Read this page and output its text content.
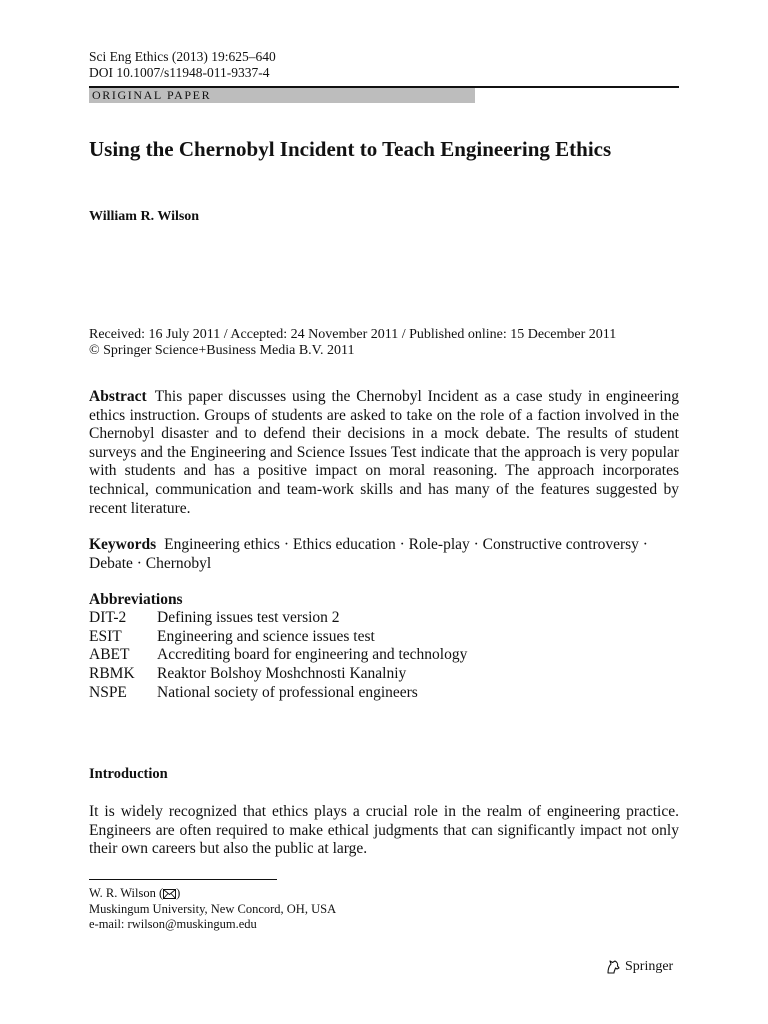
Sci Eng Ethics (2013) 19:625–640
DOI 10.1007/s11948-011-9337-4
ORIGINAL PAPER
Using the Chernobyl Incident to Teach Engineering Ethics
William R. Wilson
Received: 16 July 2011 / Accepted: 24 November 2011 / Published online: 15 December 2011
© Springer Science+Business Media B.V. 2011
Abstract This paper discusses using the Chernobyl Incident as a case study in engineering ethics instruction. Groups of students are asked to take on the role of a faction involved in the Chernobyl disaster and to defend their decisions in a mock debate. The results of student surveys and the Engineering and Science Issues Test indicate that the approach is very popular with students and has a positive impact on moral reasoning. The approach incorporates technical, communication and team-work skills and has many of the features suggested by recent literature.
Keywords Engineering ethics · Ethics education · Role-play · Constructive controversy · Debate · Chernobyl
Abbreviations
DIT-2	Defining issues test version 2
ESIT	Engineering and science issues test
ABET	Accrediting board for engineering and technology
RBMK	Reaktor Bolshoy Moshchnosti Kanalniy
NSPE	National society of professional engineers
Introduction
It is widely recognized that ethics plays a crucial role in the realm of engineering practice. Engineers are often required to make ethical judgments that can significantly impact not only their own careers but also the public at large.
W. R. Wilson ( )
Muskingum University, New Concord, OH, USA
e-mail: rwilson@muskingum.edu
Springer
